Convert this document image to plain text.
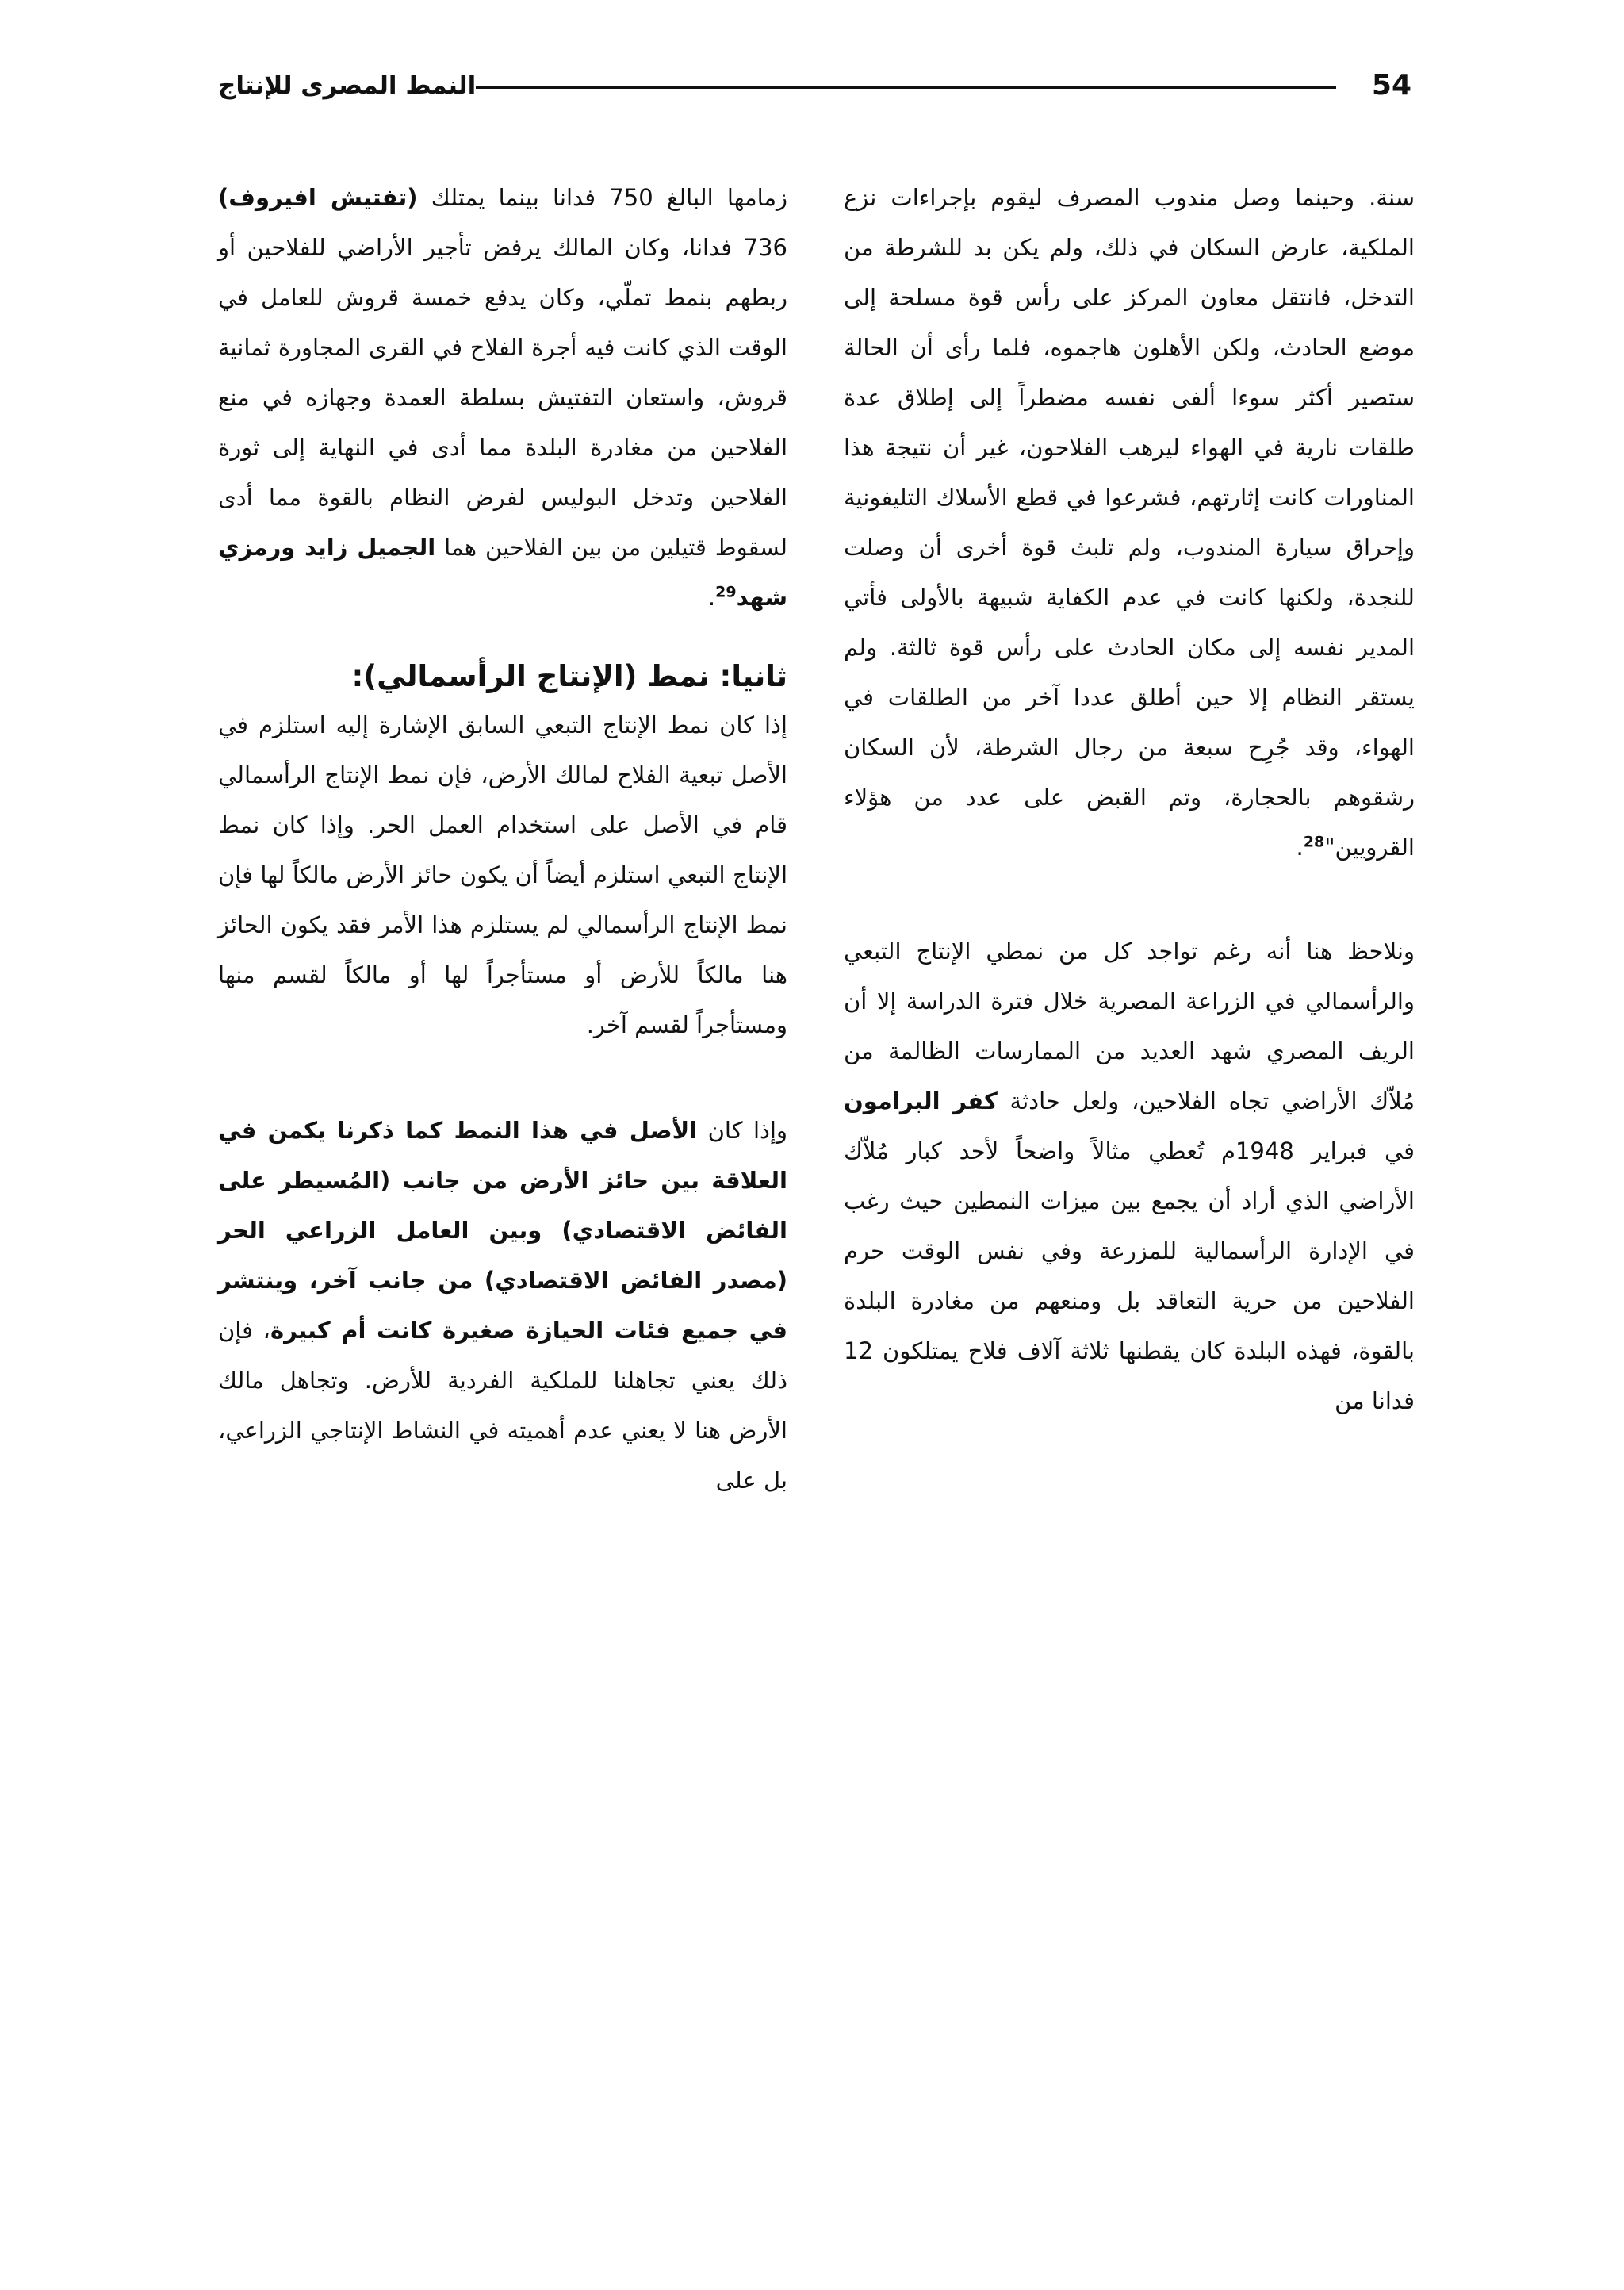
النمط المصرى للإنتاج	54

سنة. وحينما وصل مندوب المصرف ليقوم بإجراءات نزع الملكية، عارض السكان في ذلك، ولم يكن بد للشرطة من التدخل، فانتقل معاون المركز على رأس قوة مسلحة إلى موضع الحادث، ولكن الأهلون هاجموه، فلما رأى أن الحالة ستصير أكثر سوءا ألفى نفسه مضطراً إلى إطلاق عدة طلقات نارية في الهواء ليرهب الفلاحون، غير أن نتيجة هذا المناورات كانت إثارتهم، فشرعوا في قطع الأسلاك التليفونية وإحراق سيارة المندوب، ولم تلبث قوة أخرى أن وصلت للنجدة، ولكنها كانت في عدم الكفاية شبيهة بالأولى فأتي المدير نفسه إلى مكان الحادث على رأس قوة ثالثة. ولم يستقر النظام إلا حين أطلق عددا آخر من الطلقات في الهواء، وقد جُرِح سبعة من رجال الشرطة، لأن السكان رشقوهم بالحجارة، وتم القبض على عدد من هؤلاء القرويين"$^{28}$.

ونلاحظ هنا أنه رغم تواجد كل من نمطي الإنتاج التبعي والرأسمالي في الزراعة المصرية خلال فترة الدراسة إلا أن الريف المصري شهد العديد من الممارسات الظالمة من مُلاّك الأراضي تجاه الفلاحين، ولعل حادثة كفر البرامون في فبراير 1948م تُعطي مثالاً واضحاً لأحد كبار مُلاّك الأراضي الذي أراد أن يجمع بين ميزات النمطين حيث رغب في الإدارة الرأسمالية للمزرعة وفي نفس الوقت حرم الفلاحين من حرية التعاقد بل ومنعهم من مغادرة البلدة بالقوة، فهذه البلدة كان يقطنها ثلاثة آلاف فلاح يمتلكون 12 فدانا من

زمامها البالغ 750 فدانا بينما يمتلك (تفتيش افيروف) 736 فدانا، وكان المالك يرفض تأجير الأراضي للفلاحين أو ربطهم بنمط تملّي، وكان يدفع خمسة قروش للعامل في الوقت الذي كانت فيه أجرة الفلاح في القرى المجاورة ثمانية قروش، واستعان التفتيش بسلطة العمدة وجهازه في منع الفلاحين من مغادرة البلدة مما أدى في النهاية إلى ثورة الفلاحين وتدخل البوليس لفرض النظام بالقوة مما أدى لسقوط قتيلين من بين الفلاحين هما الجميل زايد ورمزي شهد$^{29}$.

ثانيا: نمط (الإنتاج الرأسمالي):

إذا كان نمط الإنتاج التبعي السابق الإشارة إليه استلزم في الأصل تبعية الفلاح لمالك الأرض، فإن نمط الإنتاج الرأسمالي قام في الأصل على استخدام العمل الحر. وإذا كان نمط الإنتاج التبعي استلزم أيضاً أن يكون حائز الأرض مالكاً لها فإن نمط الإنتاج الرأسمالي لم يستلزم هذا الأمر فقد يكون الحائز هنا مالكاً للأرض أو مستأجراً لها أو مالكاً لقسم منها ومستأجراً لقسم آخر.

وإذا كان الأصل في هذا النمط كما ذكرنا يكمن في العلاقة بين حائز الأرض من جانب (المُسيطر على الفائض الاقتصادي) وبين العامل الزراعي الحر (مصدر الفائض الاقتصادي) من جانب آخر، وينتشر في جميع فئات الحيازة صغيرة كانت أم كبيرة، فإن ذلك يعني تجاهلنا للملكية الفردية للأرض. وتجاهل مالك الأرض هنا لا يعني عدم أهميته في النشاط الإنتاجي الزراعي، بل على
